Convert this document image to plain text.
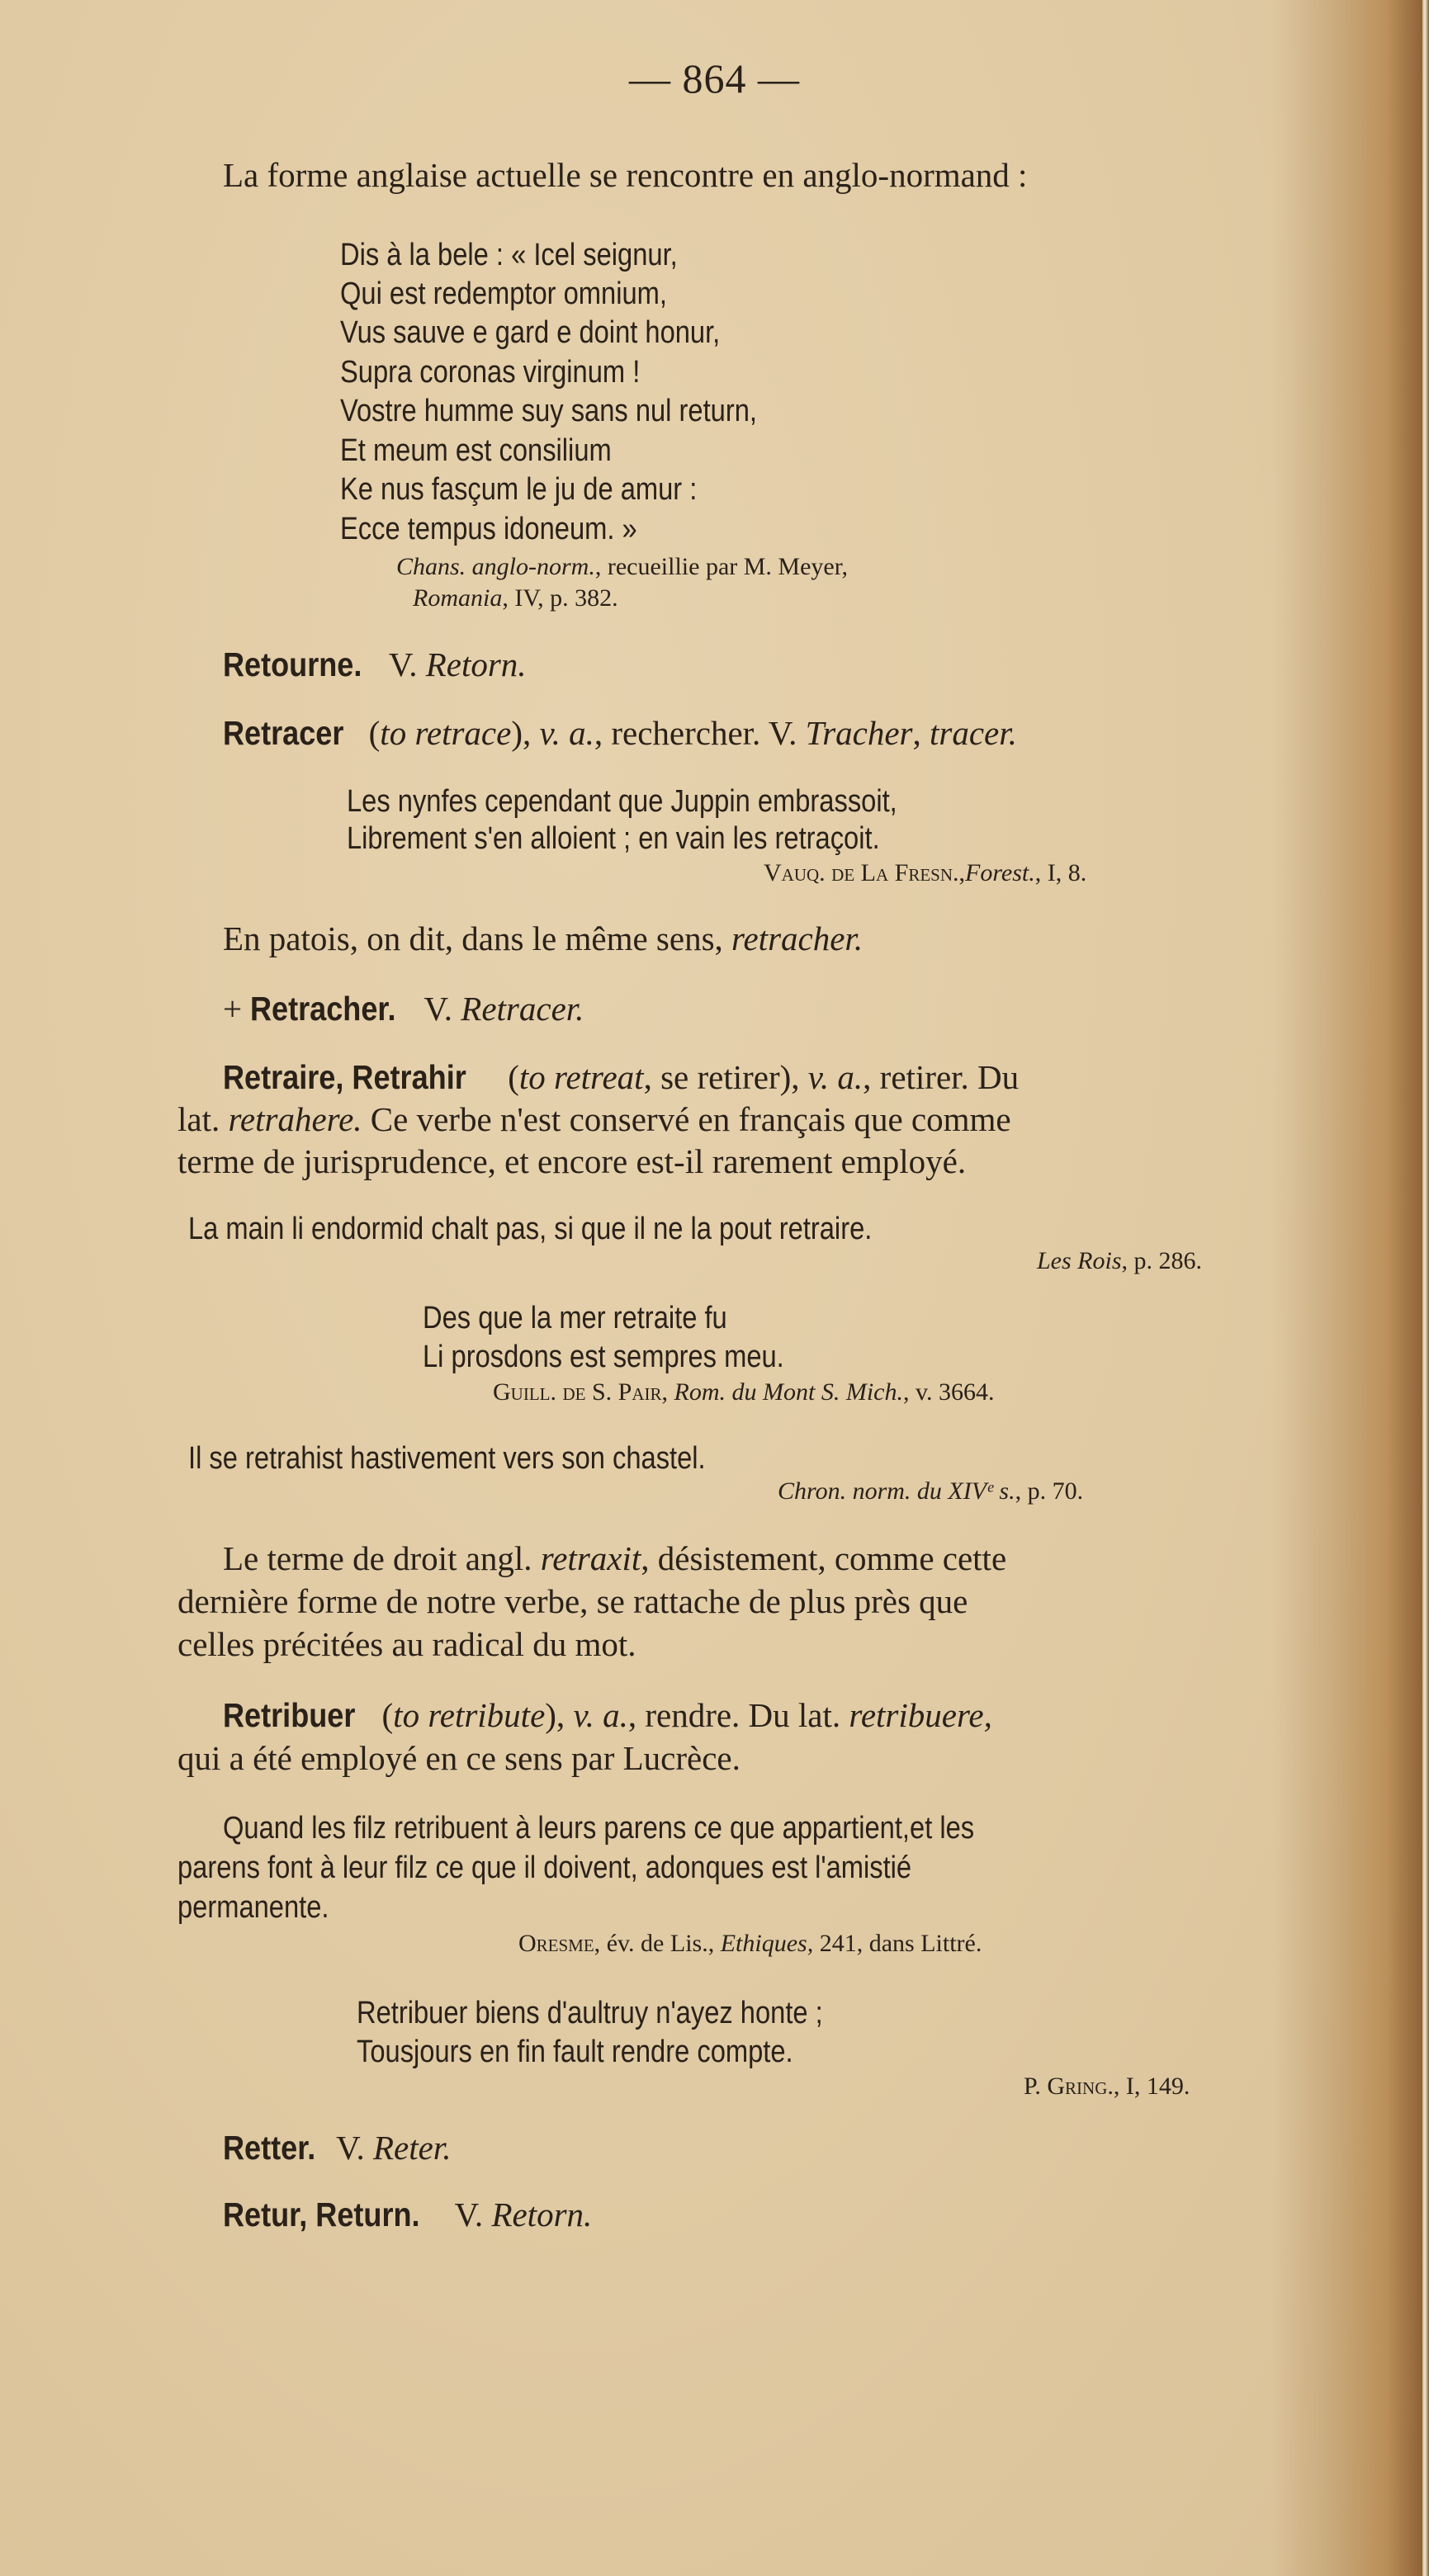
— 864 —
La forme anglaise actuelle se rencontre en anglo-normand :
Dis à la bele : « Icel seignur,
Qui est redemptor omnium,
Vus sauve e gard e doint honur,
Supra coronas virginum !
Vostre humme suy sans nul return,
Et meum est consilium
Ke nus fasçum le ju de amur :
Ecce tempus idoneum. »
Chans. anglo-norm., recueillie par M. Meyer,
Romania, IV, p. 382.
Retourne. V. Retorn.
Retracer (to retrace), v. a., rechercher. V. Tracher, tracer.
Les nynfes cependant que Juppin embrassoit,
Librement s'en alloient ; en vain les retraçoit.
Vauq. de La Fresn.,Forest., I, 8.
En patois, on dit, dans le même sens, retracher.
+ Retracher. V. Retracer.
Retraire, Retrahir (to retreat, se retirer), v. a., retirer. Du
lat. retrahere. Ce verbe n'est conservé en français que comme
terme de jurisprudence, et encore est-il rarement employé.
La main li endormid chalt pas, si que il ne la pout retraire.
Les Rois, p. 286.
Des que la mer retraite fu
Li prosdons est sempres meu.
Guill. de S. Pair, Rom. du Mont S. Mich., v. 3664.
Il se retrahist hastivement vers son chastel.
Chron. norm. du XIVᵉ s., p. 70.
Le terme de droit angl. retraxit, désistement, comme cette
dernière forme de notre verbe, se rattache de plus près que
celles précitées au radical du mot.
Retribuer (to retribute), v. a., rendre. Du lat. retribuere,
qui a été employé en ce sens par Lucrèce.
Quand les filz retribuent à leurs parens ce que appartient,et les
parens font à leur filz ce que il doivent, adonques est l'amistié
permanente.
Oresme, év. de Lis., Ethiques, 241, dans Littré.
Retribuer biens d'aultruy n'ayez honte ;
Tousjours en fin fault rendre compte.
P. Gring., I, 149.
Retter. V. Reter.
Retur, Return. V. Retorn.
